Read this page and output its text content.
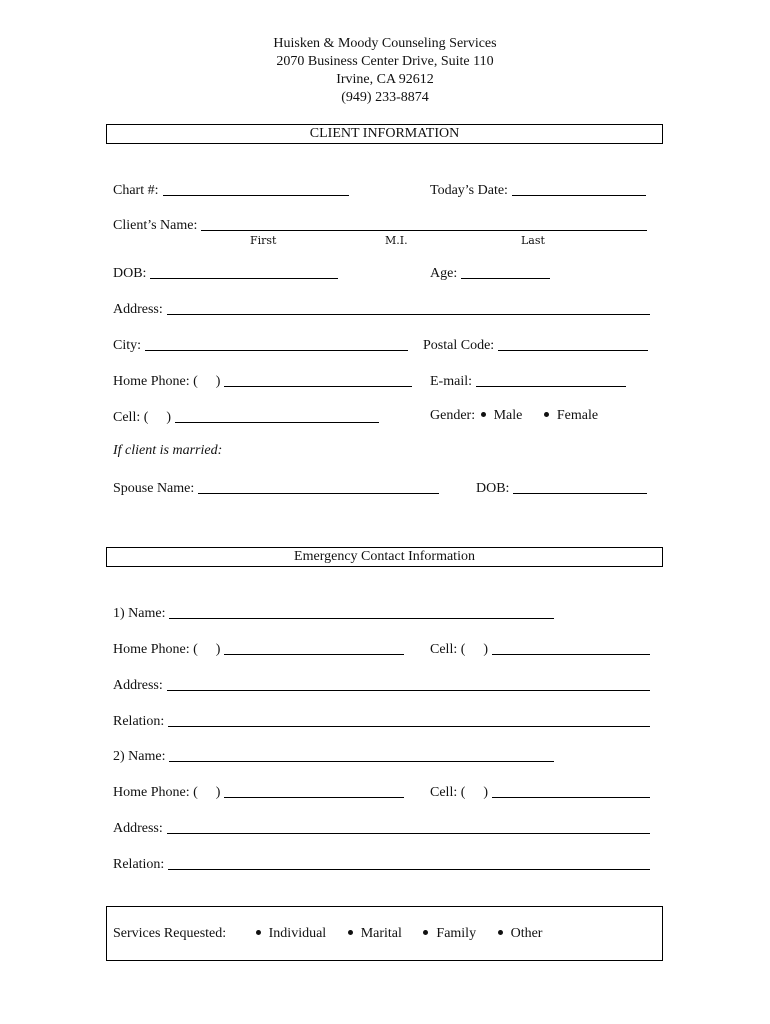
Huisken & Moody Counseling Services
2070 Business Center Drive, Suite 110
Irvine, CA 92612
(949) 233-8874
CLIENT INFORMATION
Chart #:	Today’s Date:
Client’s Name:
First	M.I.	Last
DOB:	Age:
Address:
City:	Postal Code:
Home Phone: ( )	E-mail:
Cell: ( )	Gender: Male Female
If client is married:
Spouse Name:	DOB:
Emergency Contact Information
1) Name:
Home Phone: ( )	Cell: ( )
Address:
Relation:
2) Name:
Home Phone: ( )	Cell: ( )
Address:
Relation:
Services Requested:	Individual Marital Family Other
